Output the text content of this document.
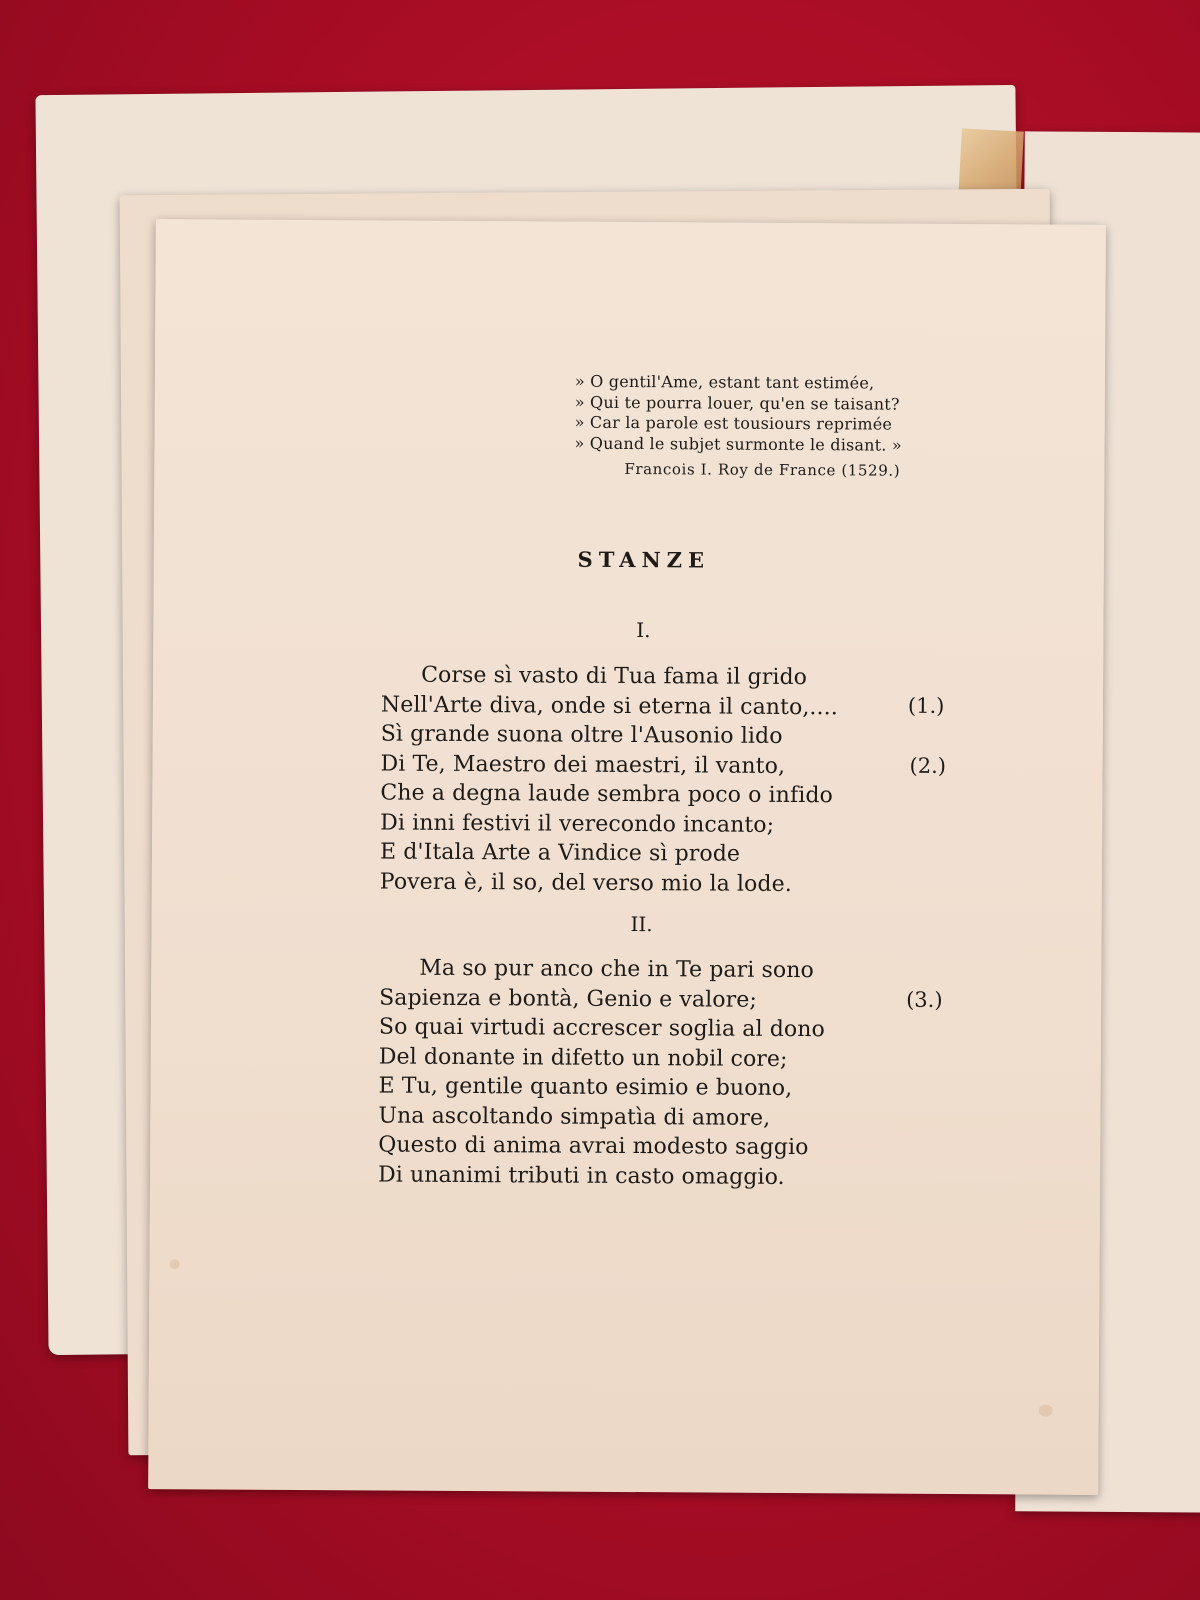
» O gentil'Ame, estant tant estimée,
» Qui te pourra louer, qu'en se taisant?
» Car la parole est tousiours reprimée
» Quand le subjet surmonte le disant. »
Francois I. Roy de France (1529.)
STANZE
I.
Corse sì vasto di Tua fama il grido
Nell'Arte diva, onde si eterna il canto,....
Sì grande suona oltre l'Ausonio lido
Di Te, Maestro dei maestri, il vanto,
Che a degna laude sembra poco o infido
Di inni festivi il verecondo incanto;
E d'Itala Arte a Vindice sì prode
Povera è, il so, del verso mio la lode.
(1.)
(2.)
II.
Ma so pur anco che in Te pari sono
Sapienza e bontà, Genio e valore;
So quai virtudi accrescer soglia al dono
Del donante in difetto un nobil core;
E Tu, gentile quanto esimio e buono,
Una ascoltando simpatìa di amore,
Questo di anima avrai modesto saggio
Di unanimi tributi in casto omaggio.
(3.)
